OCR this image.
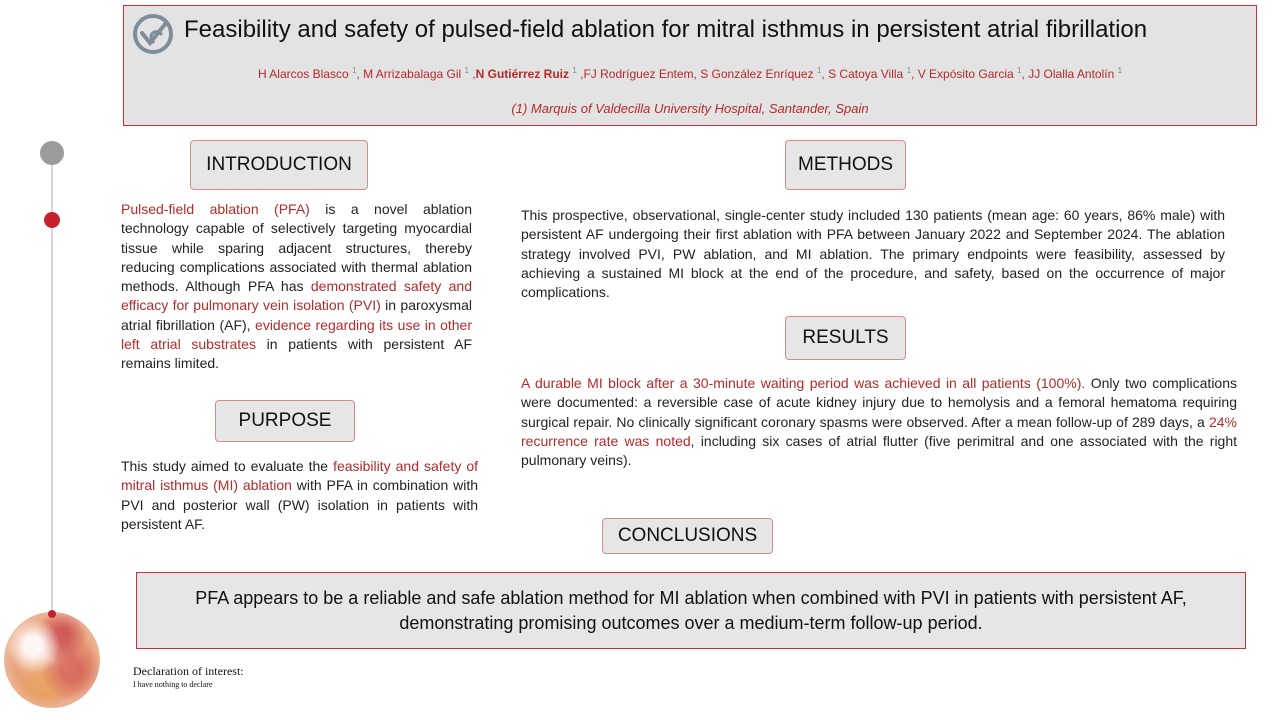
Feasibility and safety of pulsed-field ablation for mitral isthmus in persistent atrial fibrillation
H Alarcos Blasco $^1$, M Arrizabalaga Gil $^1$ ,N Gutiérrez Ruiz $^1$ ,FJ Rodríguez Entem, S González Enríquez $^1$, S Catoya Villa $^1$, V Expósito Garcia $^1$, JJ Olalla Antolín $^1$
(1) Marquis of Valdecilla University Hospital, Santander, Spain
INTRODUCTION
Pulsed-field ablation (PFA) is a novel ablation technology capable of selectively targeting myocardial tissue while sparing adjacent structures, thereby reducing complications associated with thermal ablation methods. Although PFA has demonstrated safety and efficacy for pulmonary vein isolation (PVI) in paroxysmal atrial fibrillation (AF), evidence regarding its use in other left atrial substrates in patients with persistent AF remains limited.
PURPOSE
This study aimed to evaluate the feasibility and safety of mitral isthmus (MI) ablation with PFA in combination with PVI and posterior wall (PW) isolation in patients with persistent AF.
METHODS
This prospective, observational, single-center study included 130 patients (mean age: 60 years, 86% male) with persistent AF undergoing their first ablation with PFA between January 2022 and September 2024. The ablation strategy involved PVI, PW ablation, and MI ablation. The primary endpoints were feasibility, assessed by achieving a sustained MI block at the end of the procedure, and safety, based on the occurrence of major complications.
RESULTS
A durable MI block after a 30-minute waiting period was achieved in all patients (100%). Only two complications were documented: a reversible case of acute kidney injury due to hemolysis and a femoral hematoma requiring surgical repair. No clinically significant coronary spasms were observed. After a mean follow-up of 289 days, a 24% recurrence rate was noted, including six cases of atrial flutter (five perimitral and one associated with the right pulmonary veins).
CONCLUSIONS
PFA appears to be a reliable and safe ablation method for MI ablation when combined with PVI in patients with persistent AF, demonstrating promising outcomes over a medium-term follow-up period.
Declaration of interest:
I have nothing to declare
